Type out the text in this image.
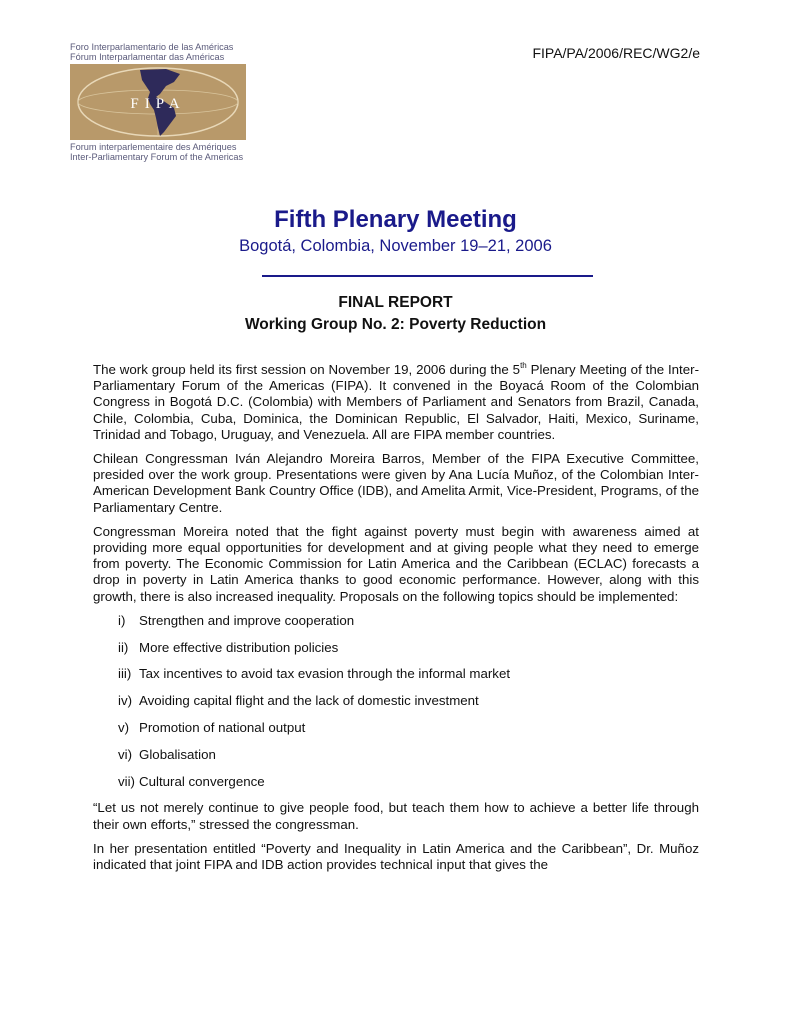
FIPA/PA/2006/REC/WG2/e
Foro Interparlamentario de las Américas
Fórum Interparlamentar das Américas
FIPA
Forum interparlementaire des Amériques
Inter-Parliamentary Forum of the Americas
Fifth Plenary Meeting
Bogotá, Colombia, November 19–21, 2006
FINAL REPORT
Working Group No. 2: Poverty Reduction

The work group held its first session on November 19, 2006 during the 5th Plenary Meeting of the Inter-Parliamentary Forum of the Americas (FIPA). It convened in the Boyacá Room of the Colombian Congress in Bogotá D.C. (Colombia) with Members of Parliament and Senators from Brazil, Canada, Chile, Colombia, Cuba, Dominica, the Dominican Republic, El Salvador, Haiti, Mexico, Suriname, Trinidad and Tobago, Uruguay, and Venezuela. All are FIPA member countries.

Chilean Congressman Iván Alejandro Moreira Barros, Member of the FIPA Executive Committee, presided over the work group. Presentations were given by Ana Lucía Muñoz, of the Colombian Inter-American Development Bank Country Office (IDB), and Amelita Armit, Vice-President, Programs, of the Parliamentary Centre.

Congressman Moreira noted that the fight against poverty must begin with awareness aimed at providing more equal opportunities for development and at giving people what they need to emerge from poverty. The Economic Commission for Latin America and the Caribbean (ECLAC) forecasts a drop in poverty in Latin America thanks to good economic performance. However, along with this growth, there is also increased inequality. Proposals on the following topics should be implemented:

i)	Strengthen and improve cooperation
ii) More effective distribution policies
iii) Tax incentives to avoid tax evasion through the informal market
iv) Avoiding capital flight and the lack of domestic investment
v) Promotion of national output
vi) Globalisation
vii) Cultural convergence

“Let us not merely continue to give people food, but teach them how to achieve a better life through their own efforts,” stressed the congressman.

In her presentation entitled “Poverty and Inequality in Latin America and the Caribbean”, Dr. Muñoz indicated that joint FIPA and IDB action provides technical input that gives the
